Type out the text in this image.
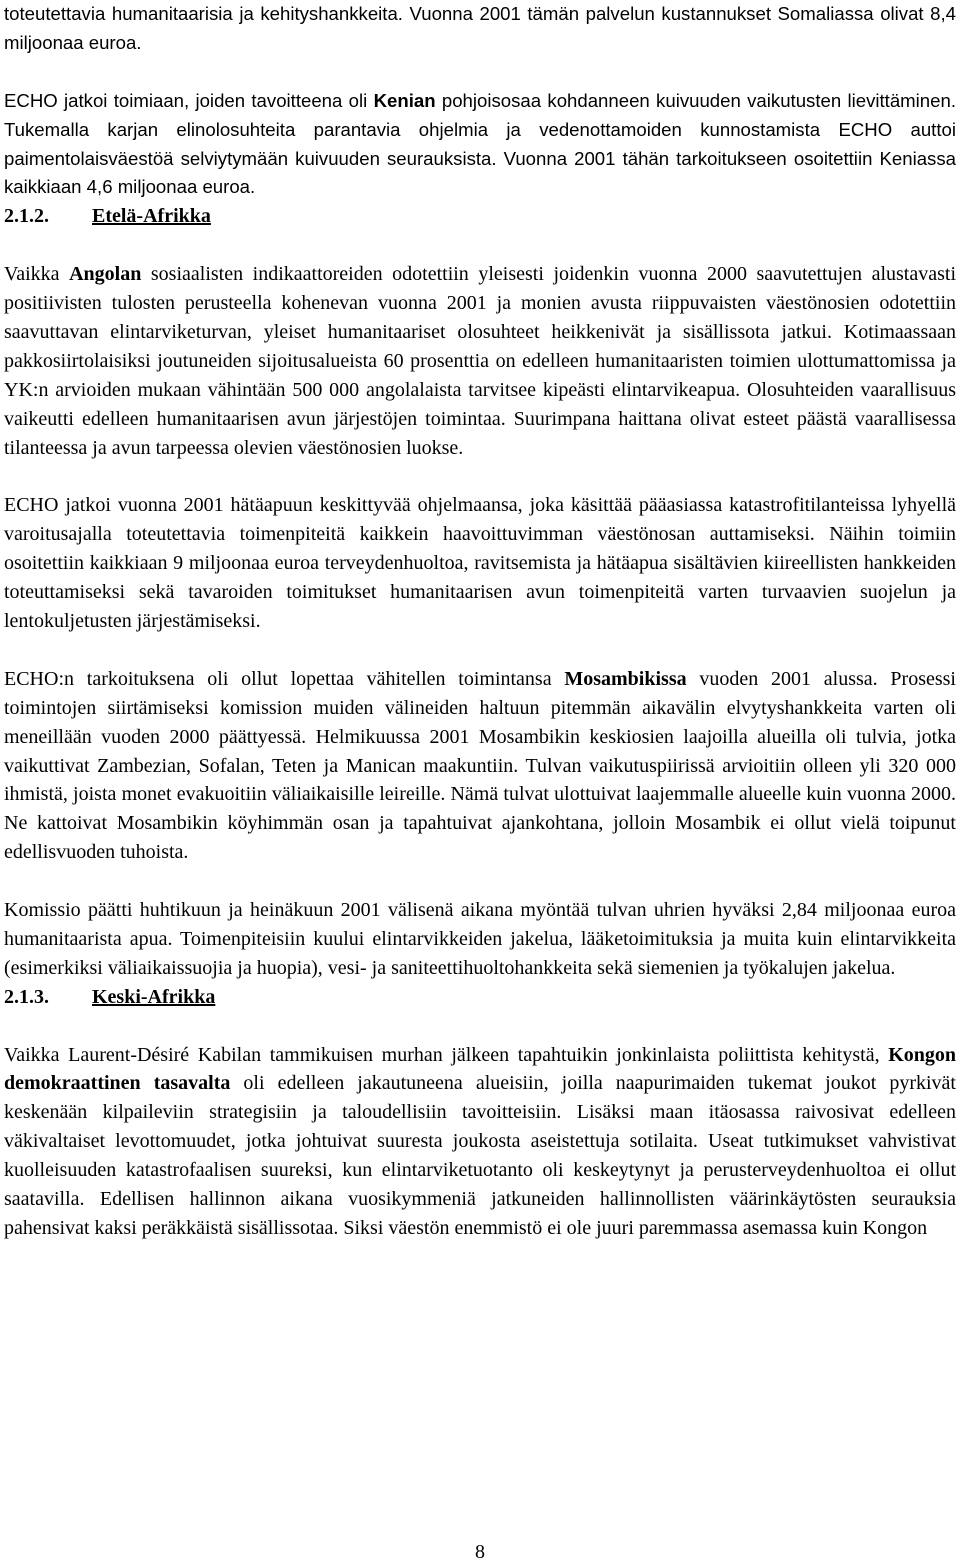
toteutettavia humanitaarisia ja kehityshankkeita. Vuonna 2001 tämän palvelun kustannukset Somaliassa olivat 8,4 miljoonaa euroa.

ECHO jatkoi toimiaan, joiden tavoitteena oli Kenian pohjoisosaa kohdanneen kuivuuden vaikutusten lievittäminen. Tukemalla karjan elinolosuhteita parantavia ohjelmia ja vedenottamoiden kunnostamista ECHO auttoi paimentolaisväestöä selviytymään kuivuuden seurauksista. Vuonna 2001 tähän tarkoitukseen osoitettiin Keniassa kaikkiaan 4,6 miljoonaa euroa.

2.1.2. Etelä-Afrikka

Vaikka Angolan sosiaalisten indikaattoreiden odotettiin yleisesti joidenkin vuonna 2000 saavutettujen alustavasti positiivisten tulosten perusteella kohenevan vuonna 2001 ja monien avusta riippuvaisten väestönosien odotettiin saavuttavan elintarviketurvan, yleiset humanitaariset olosuhteet heikkenivät ja sisällissota jatkui. Kotimaassaan pakkosiirtolaisiksi joutuneiden sijoitusalueista 60 prosenttia on edelleen humanitaaristen toimien ulottumattomissa ja YK:n arvioiden mukaan vähintään 500 000 angolalaista tarvitsee kipeästi elintarvikeapua. Olosuhteiden vaarallisuus vaikeutti edelleen humanitaarisen avun järjestöjen toimintaa. Suurimpana haittana olivat esteet päästä vaarallisessa tilanteessa ja avun tarpeessa olevien väestönosien luokse.

ECHO jatkoi vuonna 2001 hätäapuun keskittyvää ohjelmaansa, joka käsittää pääasiassa katastrofitilanteissa lyhyellä varoitusajalla toteutettavia toimenpiteitä kaikkein haavoittuvimman väestönosan auttamiseksi. Näihin toimiin osoitettiin kaikkiaan 9 miljoonaa euroa terveydenhuoltoa, ravitsemista ja hätäapua sisältävien kiireellisten hankkeiden toteuttamiseksi sekä tavaroiden toimitukset humanitaarisen avun toimenpiteitä varten turvaavien suojelun ja lentokuljetusten järjestämiseksi.

ECHO:n tarkoituksena oli ollut lopettaa vähitellen toimintansa Mosambikissa vuoden 2001 alussa. Prosessi toimintojen siirtämiseksi komission muiden välineiden haltuun pitemmän aikavälin elvytyshankkeita varten oli meneillään vuoden 2000 päättyessä. Helmikuussa 2001 Mosambikin keskiosien laajoilla alueilla oli tulvia, jotka vaikuttivat Zambezian, Sofalan, Teten ja Manican maakuntiin. Tulvan vaikutuspiirissä arvioitiin olleen yli 320 000 ihmistä, joista monet evakuoitiin väliaikaisille leireille. Nämä tulvat ulottuivat laajemmalle alueelle kuin vuonna 2000. Ne kattoivat Mosambikin köyhimmän osan ja tapahtuivat ajankohtana, jolloin Mosambik ei ollut vielä toipunut edellisvuoden tuhoista.

Komissio päätti huhtikuun ja heinäkuun 2001 välisenä aikana myöntää tulvan uhrien hyväksi 2,84 miljoonaa euroa humanitaarista apua. Toimenpiteisiin kuului elintarvikkeiden jakelua, lääketoimituksia ja muita kuin elintarvikkeita (esimerkiksi väliaikaissuojia ja huopia), vesi- ja saniteettihuoltohankkeita sekä siemenien ja työkalujen jakelua.

2.1.3. Keski-Afrikka

Vaikka Laurent-Désiré Kabilan tammikuisen murhan jälkeen tapahtuikin jonkinlaista poliittista kehitystä, Kongon demokraattinen tasavalta oli edelleen jakautuneena alueisiin, joilla naapurimaiden tukemat joukot pyrkivät keskenään kilpaileviin strategisiin ja taloudellisiin tavoitteisiin. Lisäksi maan itäosassa raivosivat edelleen väkivaltaiset levottomuudet, jotka johtuivat suuresta joukosta aseistettuja sotilaita. Useat tutkimukset vahvistivat kuolleisuuden katastrofaalisen suureksi, kun elintarviketuotanto oli keskeytynyt ja perusterveydenhuoltoa ei ollut saatavilla. Edellisen hallinnon aikana vuosikymmeniä jatkuneiden hallinnollisten väärinkäytösten seurauksia pahensivat kaksi peräkkäistä sisällissotaa. Siksi väestön enemmistö ei ole juuri paremmassa asemassa kuin Kongon

8
